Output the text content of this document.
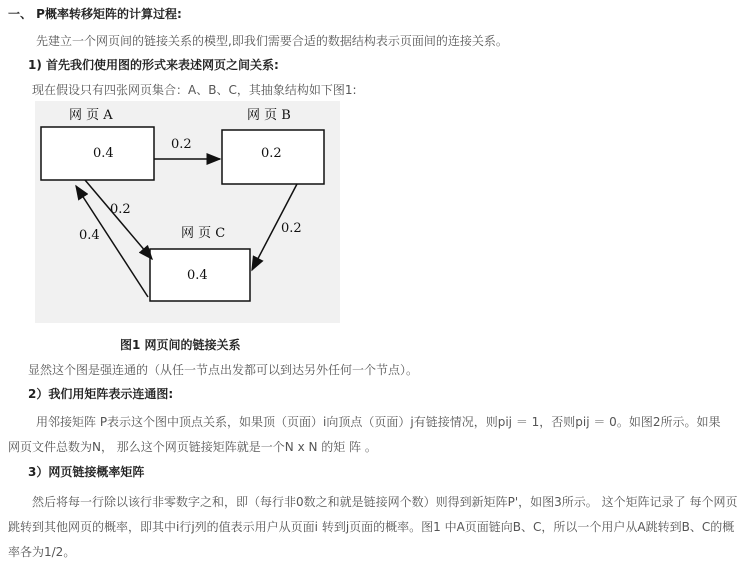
一、 P概率转移矩阵的计算过程:
先建立一个网页间的链接关系的模型,即我们需要合适的数据结构表示页面间的连接关系。
1) 首先我们使用图的形式来表述网页之间关系:
现在假设只有四张网页集合：A、B、C，其抽象结构如下图1:
网 页 A	网 页 B
网 页 C
0.4	0.2
0.4
0.2
0.2
0.4	0.2
图1 网页间的链接关系
显然这个图是强连通的（从任一节点出发都可以到达另外任何一个节点）。
2）我们用矩阵表示连通图:
用邻接矩阵 P表示这个图中顶点关系，如果顶（页面）i向顶点（页面）j有链接情况，则pij ＝ 1，否则pij ＝ 0。如图2所示。如果
网页文件总数为N， 那么这个网页链接矩阵就是一个N x N 的矩 阵 。
3）网页链接概率矩阵
然后将每一行除以该行非零数字之和，即（每行非0数之和就是链接网个数）则得到新矩阵P'，如图3所示。 这个矩阵记录了 每个网页
跳转到其他网页的概率，即其中i行j列的值表示用户从页面i 转到j页面的概率。图1 中A页面链向B、C，所以一个用户从A跳转到B、C的概
率各为1/2。
